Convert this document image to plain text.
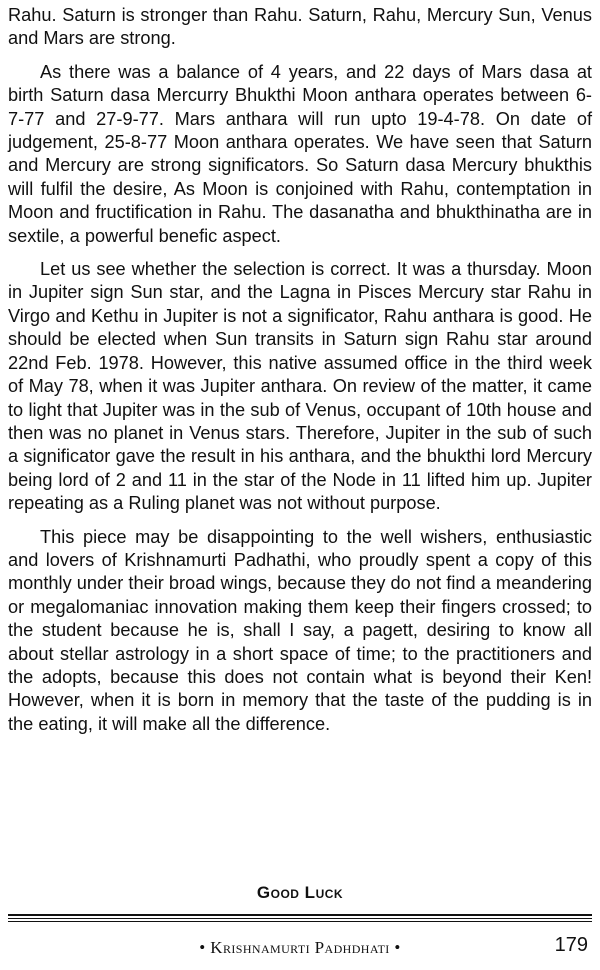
Rahu. Saturn is stronger than Rahu. Saturn, Rahu, Mercury Sun, Venus and Mars are strong.

As there was a balance of 4 years, and 22 days of Mars dasa at birth Saturn dasa Mercurry Bhukthi Moon anthara operates between 6-7-77 and 27-9-77. Mars anthara will run upto 19-4-78. On date of judgement, 25-8-77 Moon anthara operates. We have seen that Saturn and Mercury are strong significators. So Saturn dasa Mercury bhukthis will fulfil the desire, As Moon is conjoined with Rahu, contemptation in Moon and fructification in Rahu. The dasanatha and bhukthinatha are in sextile, a powerful benefic aspect.

Let us see whether the selection is correct. It was a thursday. Moon in Jupiter sign Sun star, and the Lagna in Pisces Mercury star Rahu in Virgo and Kethu in Jupiter is not a significator, Rahu anthara is good. He should be elected when Sun transits in Saturn sign Rahu star around 22nd Feb. 1978. However, this native assumed office in the third week of May 78, when it was Jupiter anthara. On review of the matter, it came to light that Jupiter was in the sub of Venus, occupant of 10th house and then was no planet in Venus stars. Therefore, Jupiter in the sub of such a significator gave the result in his anthara, and the bhukthi lord Mercury being lord of 2 and 11 in the star of the Node in 11 lifted him up. Jupiter repeating as a Ruling planet was not without purpose.

This piece may be disappointing to the well wishers, enthusiastic and lovers of Krishnamurti Padhathi, who proudly spent a copy of this monthly under their broad wings, because they do not find a meandering or megalomaniac innovation making them keep their fingers crossed; to the student because he is, shall I say, a pagett, desiring to know all about stellar astrology in a short space of time; to the practitioners and the adopts, because this does not contain what is beyond their Ken! However, when it is born in memory that the taste of the pudding is in the eating, it will make all the difference.

Good Luck
• Krishnamurti Padhdhati •	179
